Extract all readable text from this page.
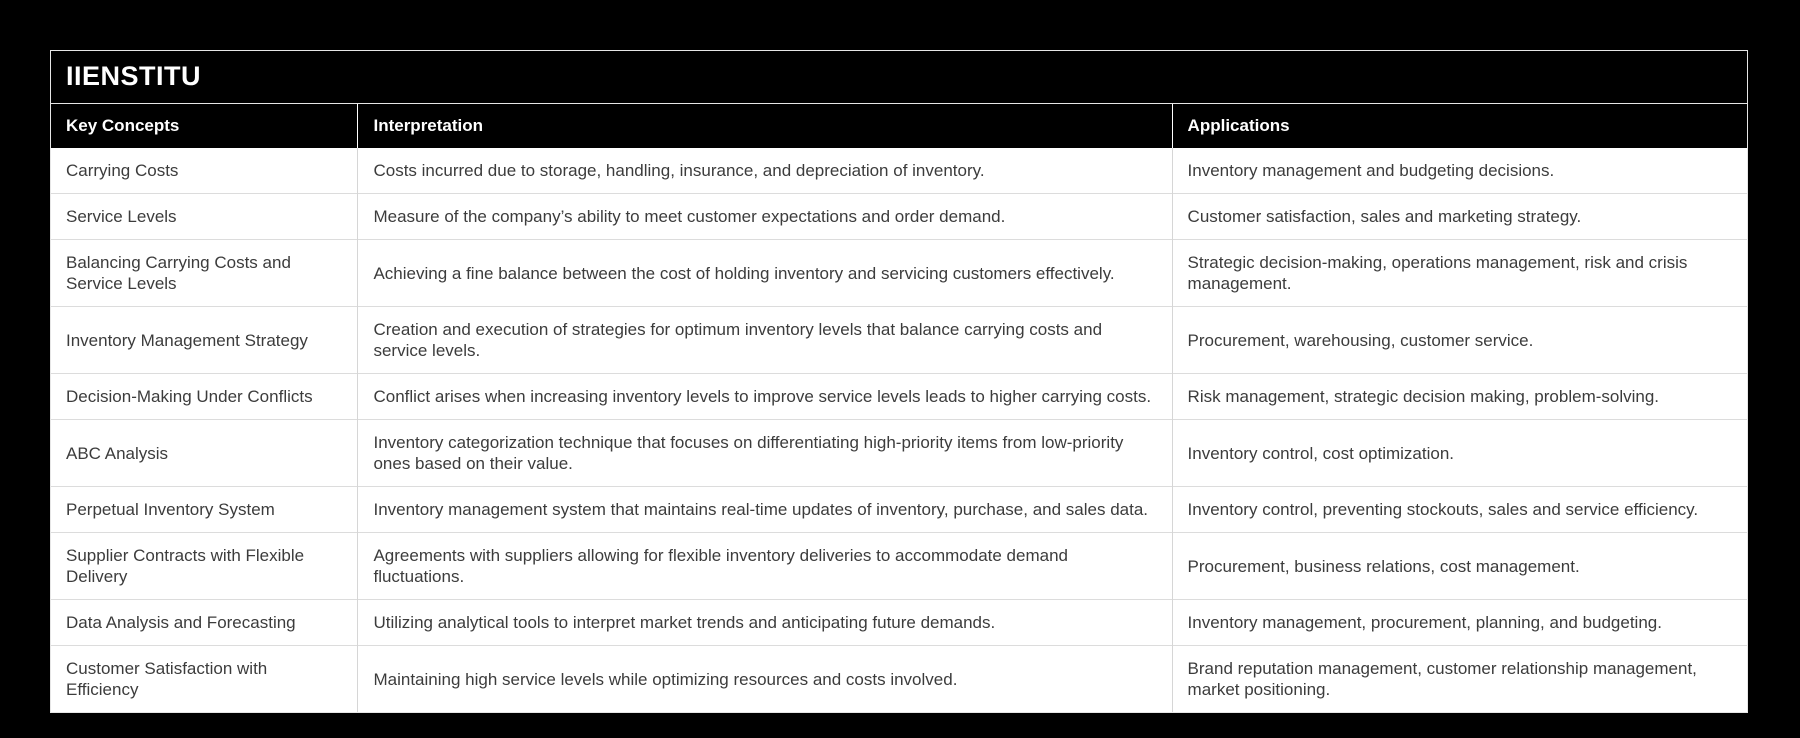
IIENSTITU
Key Concepts	Interpretation	Applications
Carrying Costs	Costs incurred due to storage, handling, insurance, and depreciation of inventory.	Inventory management and budgeting decisions.
Service Levels	Measure of the company’s ability to meet customer expectations and order demand.	Customer satisfaction, sales and marketing strategy.
Balancing Carrying Costs and Service Levels	Achieving a fine balance between the cost of holding inventory and servicing customers effectively.	Strategic decision-making, operations management, risk and crisis management.
Inventory Management Strategy	Creation and execution of strategies for optimum inventory levels that balance carrying costs and service levels.	Procurement, warehousing, customer service.
Decision-Making Under Conflicts	Conflict arises when increasing inventory levels to improve service levels leads to higher carrying costs.	Risk management, strategic decision making, problem-solving.
ABC Analysis	Inventory categorization technique that focuses on differentiating high-priority items from low-priority ones based on their value.	Inventory control, cost optimization.
Perpetual Inventory System	Inventory management system that maintains real-time updates of inventory, purchase, and sales data.	Inventory control, preventing stockouts, sales and service efficiency.
Supplier Contracts with Flexible Delivery	Agreements with suppliers allowing for flexible inventory deliveries to accommodate demand fluctuations.	Procurement, business relations, cost management.
Data Analysis and Forecasting	Utilizing analytical tools to interpret market trends and anticipating future demands.	Inventory management, procurement, planning, and budgeting.
Customer Satisfaction with Efficiency	Maintaining high service levels while optimizing resources and costs involved.	Brand reputation management, customer relationship management, market positioning.
